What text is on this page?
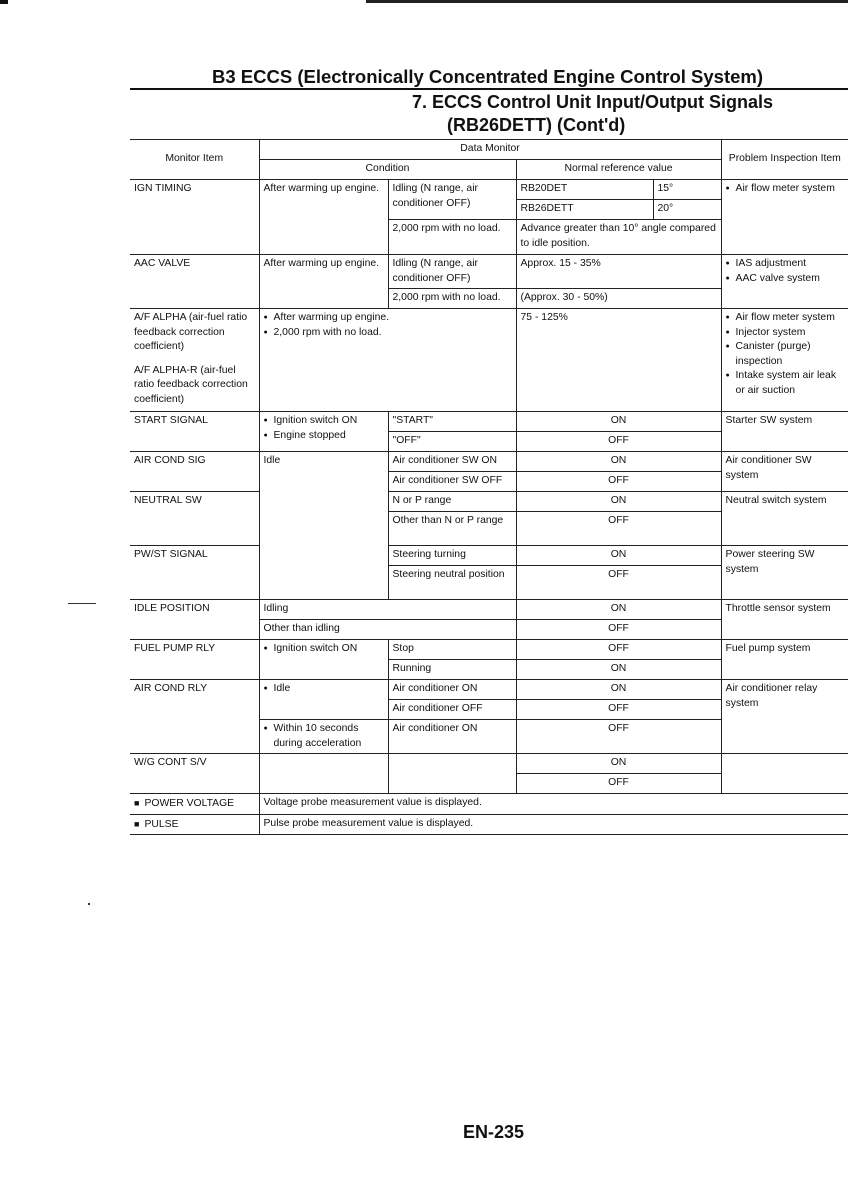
B3 ECCS (Electronically Concentrated Engine Control System)
7. ECCS Control Unit Input/Output Signals
(RB26DETT) (Cont'd)
Monitor Item	Data Monitor				Problem Inspection Item
	Condition		Normal reference value		
IGN TIMING	After warming up engine.	Idling (N range, air conditioner OFF)	RB20DET	15°	● Air flow meter system

			RB26DETT	20°	
		2,000 rpm with no load.	Advance greater than 10° angle compared to idle position.		
AAC VALVE	After warming up engine.	Idling (N range, air conditioner OFF)	Approx. 15 - 35%		● IAS adjustment
● AAC valve system

		2,000 rpm with no load.	(Approx. 30 - 50%)		
A/F ALPHA (air-fuel ratio feedback correction coefficient)	● After warming up engine.
● 2,000 rpm with no load.		75 - 125%		● Air flow meter system
● Injector system
● Canister (purge) inspection
● Intake system air leak or air suction

A/F ALPHA-R (air-fuel ratio feedback correction coefficient)					
START SIGNAL	● Ignition switch ON
● Engine stopped	"START"	ON		Starter SW system
		"OFF"	OFF		
AIR COND SIG	Idle	Air conditioner SW ON	ON		Air conditioner SW system
		Air conditioner SW OFF	OFF		
NEUTRAL SW		N or P range	ON		Neutral switch system
		Other than N or P range	OFF		
PW/ST SIGNAL		Steering turning	ON		Power steering SW system
		Steering neutral position	OFF		
IDLE POSITION	Idling		ON		Throttle sensor system
	Other than idling		OFF		
FUEL PUMP RLY	● Ignition switch ON	Stop	OFF		Fuel pump system
		Running	ON		
AIR COND RLY	● Idle	Air conditioner ON	ON		Air conditioner relay system
		Air conditioner OFF	OFF		

	● Within 10 seconds during acceleration	Air conditioner ON	OFF		
W/G CONT S/V			ON		
			OFF		
■ POWER VOLTAGE	Voltage probe measurement value is displayed.				
■ PULSE	Pulse probe measurement value is displayed.				
EN-235
